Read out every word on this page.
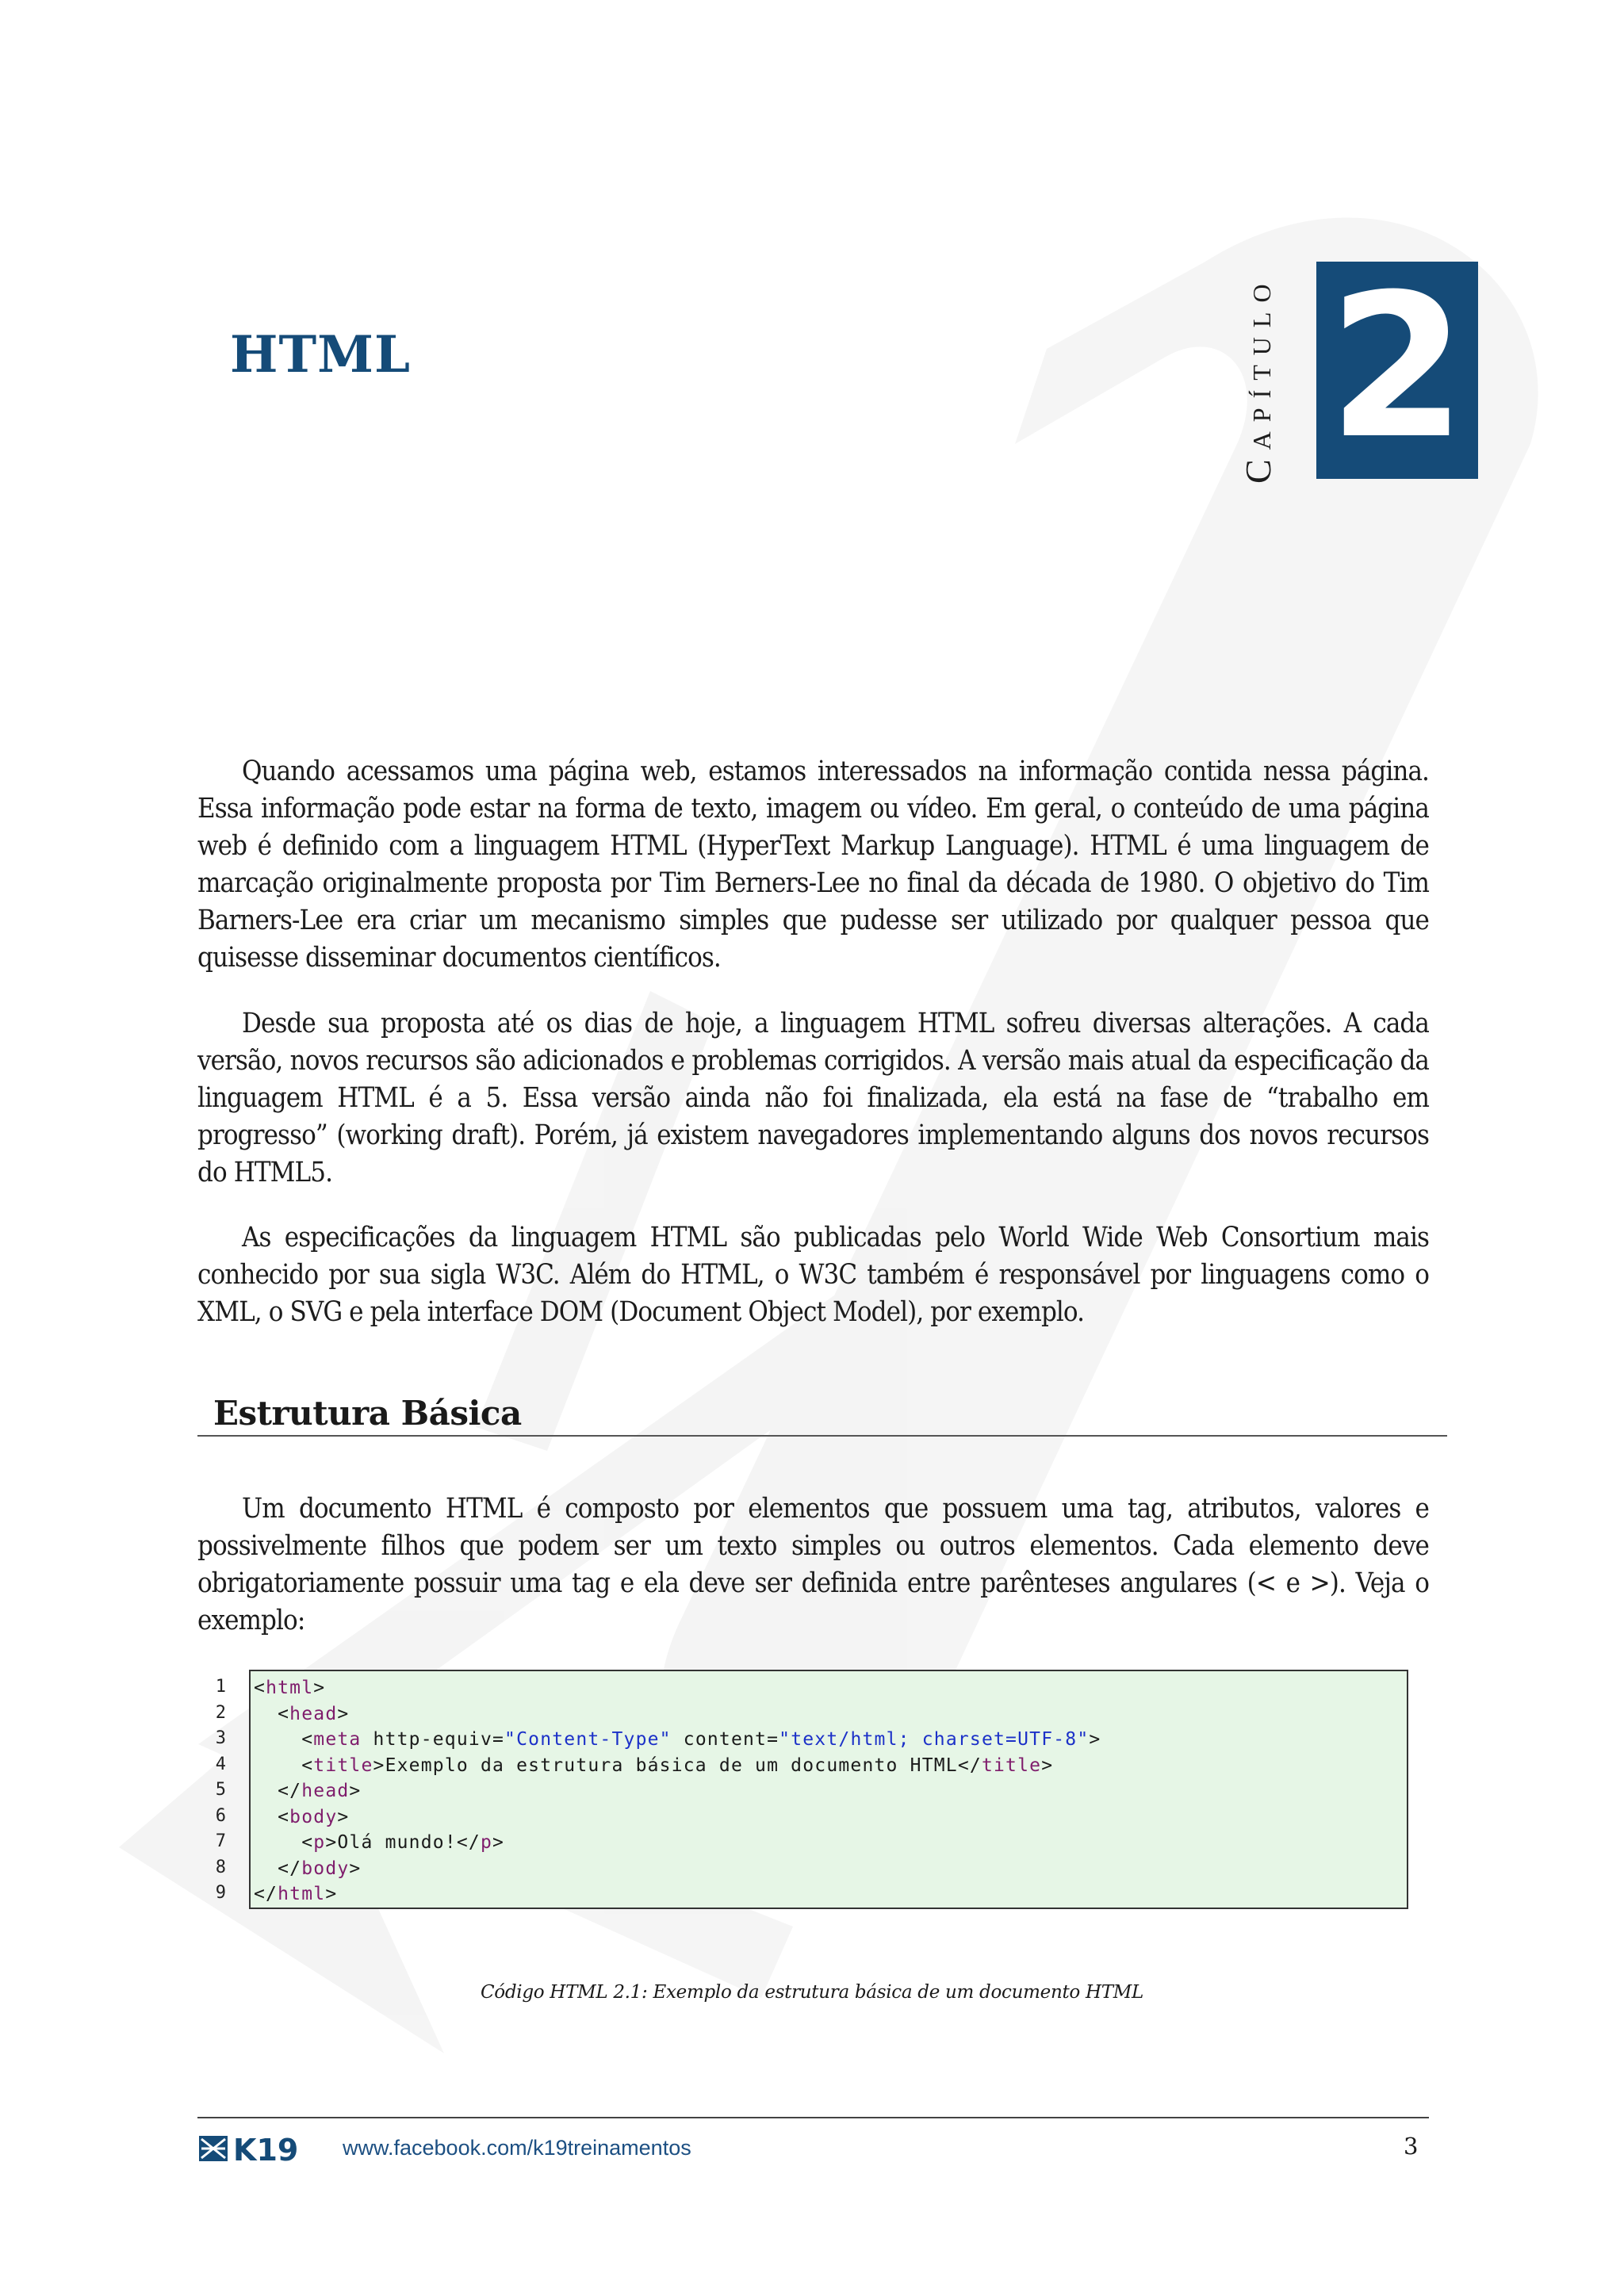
HTML	Capítulo 2
Quando acessamos uma página web, estamos interessados na informação contida nessa página. Essa informação pode estar na forma de texto, imagem ou vídeo. Em geral, o conteúdo de uma página web é definido com a linguagem HTML (HyperText Markup Language). HTML é uma linguagem de marcação originalmente proposta por Tim Berners-Lee no final da década de 1980. O objetivo do Tim Barners-Lee era criar um mecanismo simples que pudesse ser utilizado por qualquer pessoa que quisesse disseminar documentos científicos.
Desde sua proposta até os dias de hoje, a linguagem HTML sofreu diversas alterações. A cada versão, novos recursos são adicionados e problemas corrigidos. A versão mais atual da especificação da linguagem HTML é a 5. Essa versão ainda não foi finalizada, ela está na fase de “trabalho em progresso” (working draft). Porém, já existem navegadores implementando alguns dos novos recursos do HTML5.
As especificações da linguagem HTML são publicadas pelo World Wide Web Consortium mais conhecido por sua sigla W3C. Além do HTML, o W3C também é responsável por linguagens como o XML, o SVG e pela interface DOM (Document Object Model), por exemplo.
Estrutura Básica
Um documento HTML é composto por elementos que possuem uma tag, atributos, valores e possivelmente filhos que podem ser um texto simples ou outros elementos. Cada elemento deve obrigatoriamente possuir uma tag e ela deve ser definida entre parênteses angulares (< e >). Veja o exemplo:
1
2
3
4
5
6
7
8
9
<html>
<head>
<meta http-equiv="Content-Type" content="text/html; charset=UTF-8">
<title>Exemplo da estrutura básica de um documento HTML</title>
</head>
<body>
<p>Olá mundo!</p>
</body>
</html>
Código HTML 2.1: Exemplo da estrutura básica de um documento HTML
K19 www.facebook.com/k19treinamentos	3
